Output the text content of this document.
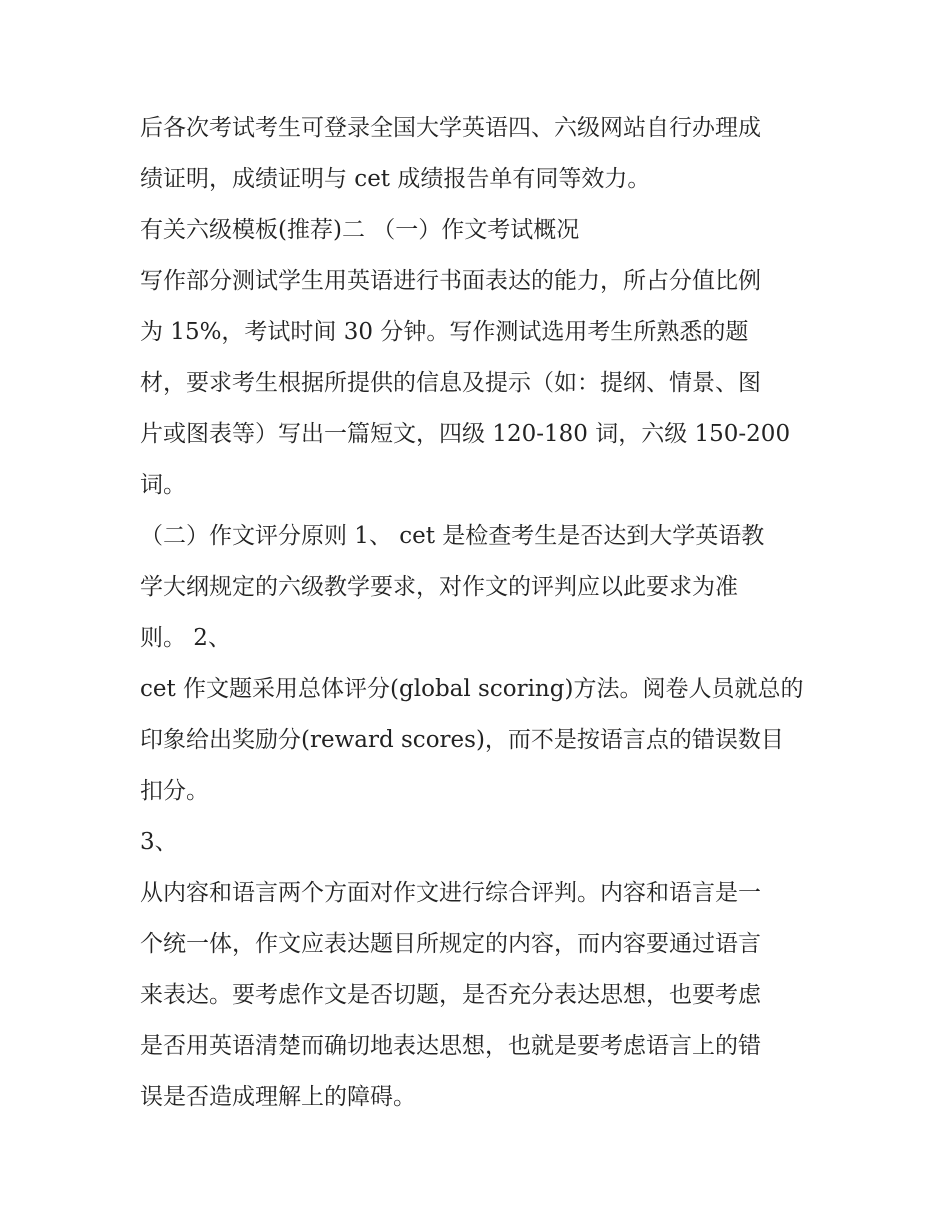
后各次考试考生可登录全国大学英语四、六级网站自行办理成

绩证明，成绩证明与 cet 成绩报告单有同等效力。

有关六级模板(推荐)二 （一）作文考试概况

写作部分测试学生用英语进行书面表达的能力，所占分值比例

为 15%，考试时间 30 分钟。写作测试选用考生所熟悉的题

材，要求考生根据所提供的信息及提示（如：提纲、情景、图

片或图表等）写出一篇短文，四级 120-180 词，六级 150-200

词。

（二）作文评分原则 1、 cet 是检查考生是否达到大学英语教

学大纲规定的六级教学要求，对作文的评判应以此要求为准

则。 2、

cet 作文题采用总体评分(global scoring)方法。阅卷人员就总的

印象给出奖励分(reward scores)，而不是按语言点的错误数目

扣分。

3、

从内容和语言两个方面对作文进行综合评判。内容和语言是一

个统一体，作文应表达题目所规定的内容，而内容要通过语言

来表达。要考虑作文是否切题，是否充分表达思想，也要考虑

是否用英语清楚而确切地表达思想，也就是要考虑语言上的错

误是否造成理解上的障碍。
